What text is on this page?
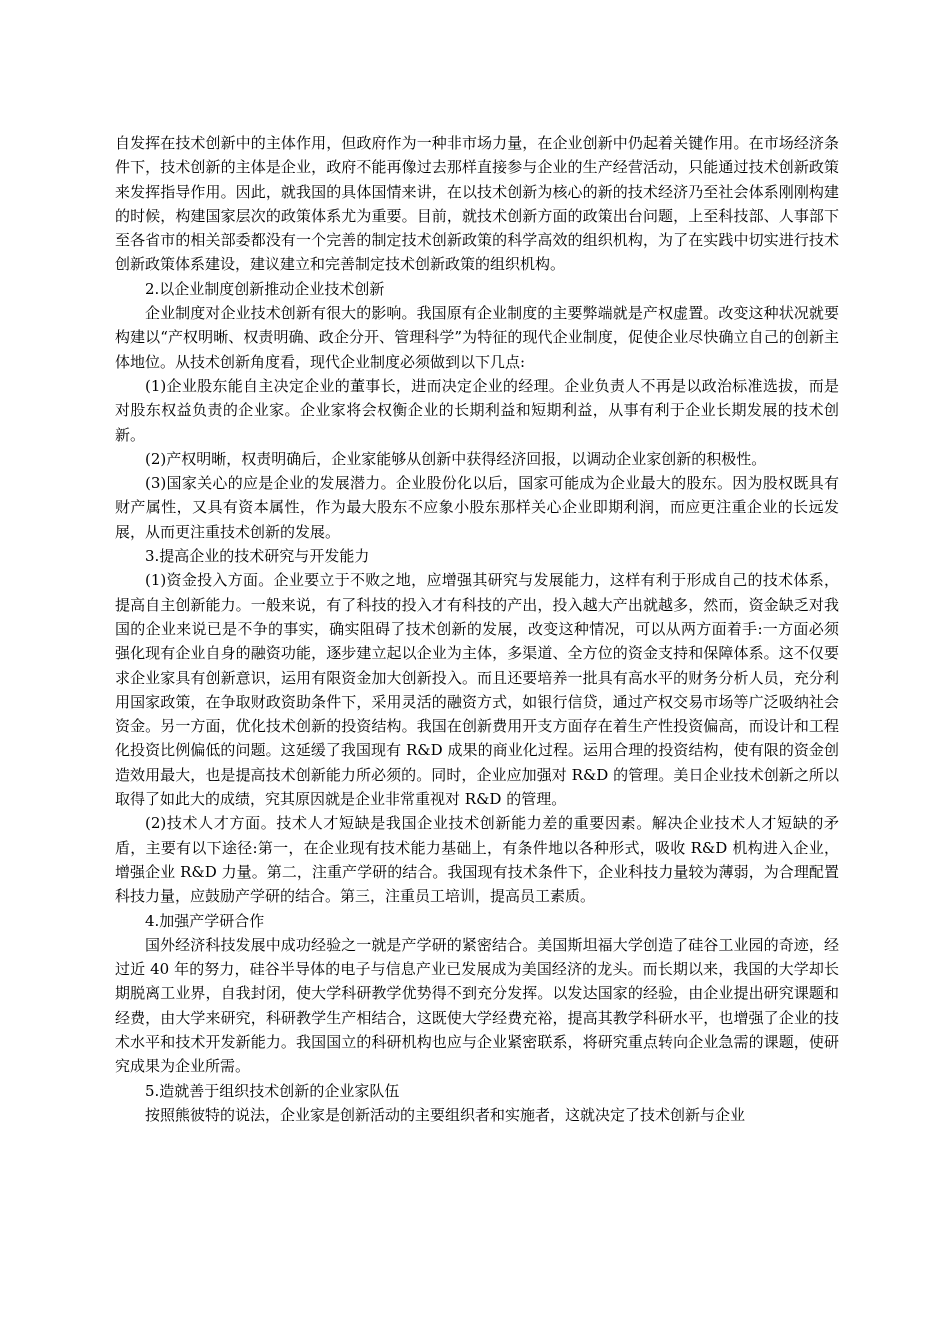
自发挥在技术创新中的主体作用，但政府作为一种非市场力量，在企业创新中仍起着关键作用。在市场经济条件下，技术创新的主体是企业，政府不能再像过去那样直接参与企业的生产经营活动，只能通过技术创新政策来发挥指导作用。因此，就我国的具体国情来讲，在以技术创新为核心的新的技术经济乃至社会体系刚刚构建的时候，构建国家层次的政策体系尤为重要。目前，就技术创新方面的政策出台问题，上至科技部、人事部下至各省市的相关部委都没有一个完善的制定技术创新政策的科学高效的组织机构，为了在实践中切实进行技术创新政策体系建设，建议建立和完善制定技术创新政策的组织机构。

2.以企业制度创新推动企业技术创新

企业制度对企业技术创新有很大的影响。我国原有企业制度的主要弊端就是产权虚置。改变这种状况就要构建以“产权明晰、权责明确、政企分开、管理科学”为特征的现代企业制度，促使企业尽快确立自己的创新主体地位。从技术创新角度看，现代企业制度必须做到以下几点:

(1)企业股东能自主决定企业的董事长，进而决定企业的经理。企业负责人不再是以政治标准选拔，而是对股东权益负责的企业家。企业家将会权衡企业的长期利益和短期利益，从事有利于企业长期发展的技术创新。

(2)产权明晰，权责明确后，企业家能够从创新中获得经济回报，以调动企业家创新的积极性。

(3)国家关心的应是企业的发展潜力。企业股份化以后，国家可能成为企业最大的股东。因为股权既具有财产属性，又具有资本属性，作为最大股东不应象小股东那样关心企业即期利润，而应更注重企业的长远发展，从而更注重技术创新的发展。

3.提高企业的技术研究与开发能力

(1)资金投入方面。企业要立于不败之地，应增强其研究与发展能力，这样有利于形成自己的技术体系，提高自主创新能力。一般来说，有了科技的投入才有科技的产出，投入越大产出就越多，然而，资金缺乏对我国的企业来说已是不争的事实，确实阻碍了技术创新的发展，改变这种情况，可以从两方面着手:一方面必须强化现有企业自身的融资功能，逐步建立起以企业为主体，多渠道、全方位的资金支持和保障体系。这不仅要求企业家具有创新意识，运用有限资金加大创新投入。而且还要培养一批具有高水平的财务分析人员，充分利用国家政策，在争取财政资助条件下，采用灵活的融资方式，如银行信贷，通过产权交易市场等广泛吸纳社会资金。另一方面，优化技术创新的投资结构。我国在创新费用开支方面存在着生产性投资偏高，而设计和工程化投资比例偏低的问题。这延缓了我国现有 R&D 成果的商业化过程。运用合理的投资结构，使有限的资金创造效用最大，也是提高技术创新能力所必须的。同时，企业应加强对 R&D 的管理。美日企业技术创新之所以取得了如此大的成绩，究其原因就是企业非常重视对 R&D 的管理。

(2)技术人才方面。技术人才短缺是我国企业技术创新能力差的重要因素。解决企业技术人才短缺的矛盾，主要有以下途径:第一，在企业现有技术能力基础上，有条件地以各种形式，吸收 R&D 机构进入企业，增强企业 R&D 力量。第二，注重产学研的结合。我国现有技术条件下，企业科技力量较为薄弱，为合理配置科技力量，应鼓励产学研的结合。第三，注重员工培训，提高员工素质。

4.加强产学研合作

国外经济科技发展中成功经验之一就是产学研的紧密结合。美国斯坦福大学创造了硅谷工业园的奇迹，经过近 40 年的努力，硅谷半导体的电子与信息产业已发展成为美国经济的龙头。而长期以来，我国的大学却长期脱离工业界，自我封闭，使大学科研教学优势得不到充分发挥。以发达国家的经验，由企业提出研究课题和经费，由大学来研究，科研教学生产相结合，这既使大学经费充裕，提高其教学科研水平，也增强了企业的技术水平和技术开发新能力。我国国立的科研机构也应与企业紧密联系，将研究重点转向企业急需的课题，使研究成果为企业所需。

5.造就善于组织技术创新的企业家队伍

按照熊彼特的说法，企业家是创新活动的主要组织者和实施者，这就决定了技术创新与企业
